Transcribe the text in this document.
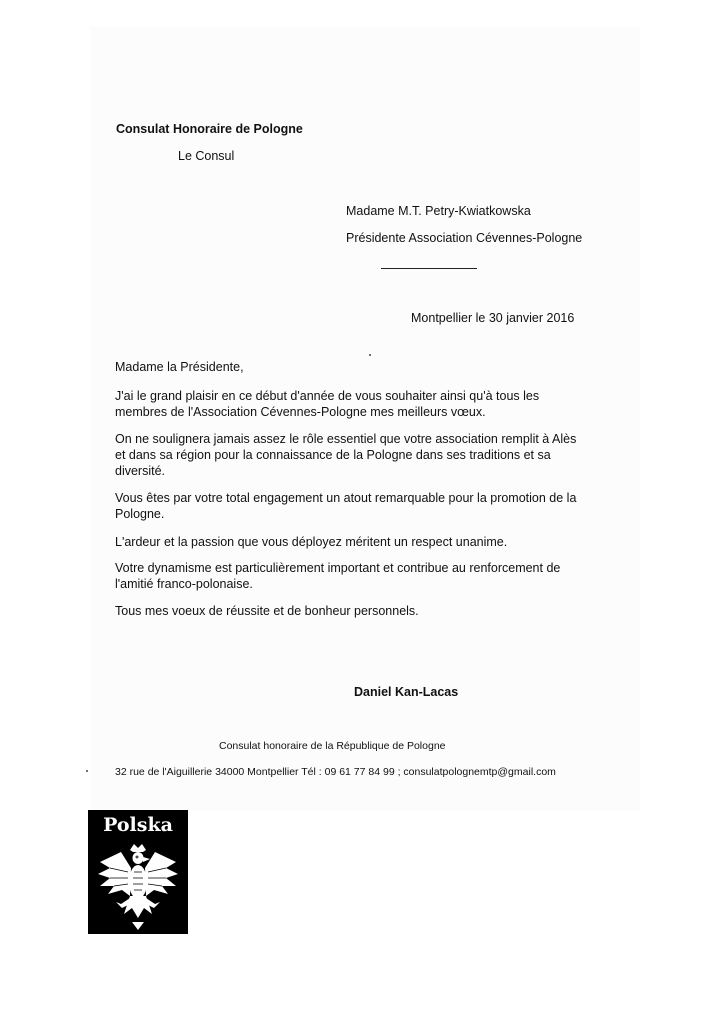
Consulat Honoraire de Pologne
Le Consul
Madame M.T. Petry-Kwiatkowska
Présidente Association Cévennes-Pologne
Montpellier le 30 janvier 2016
Madame la Présidente,
J'ai le grand plaisir en ce début d'année de vous souhaiter ainsi qu'à tous les
membres de l'Association Cévennes-Pologne mes meilleurs vœux.
On ne soulignera jamais assez le rôle essentiel que votre association remplit à Alès
et dans sa région pour la connaissance de la Pologne dans ses traditions et sa
diversité.
Vous êtes par votre total engagement un atout remarquable pour la promotion de la
Pologne.
L'ardeur et la passion que vous déployez méritent un respect unanime.
Votre dynamisme est particulièrement important et contribue au renforcement de
l'amitié franco-polonaise.
Tous mes voeux de réussite et de bonheur personnels.
Daniel Kan-Lacas
Consulat honoraire de la République de Pologne
32 rue de l'Aiguillerie 34000 Montpellier Tél : 09 61 77 84 99 ; consulatpolognemtp@gmail.com
Polska
